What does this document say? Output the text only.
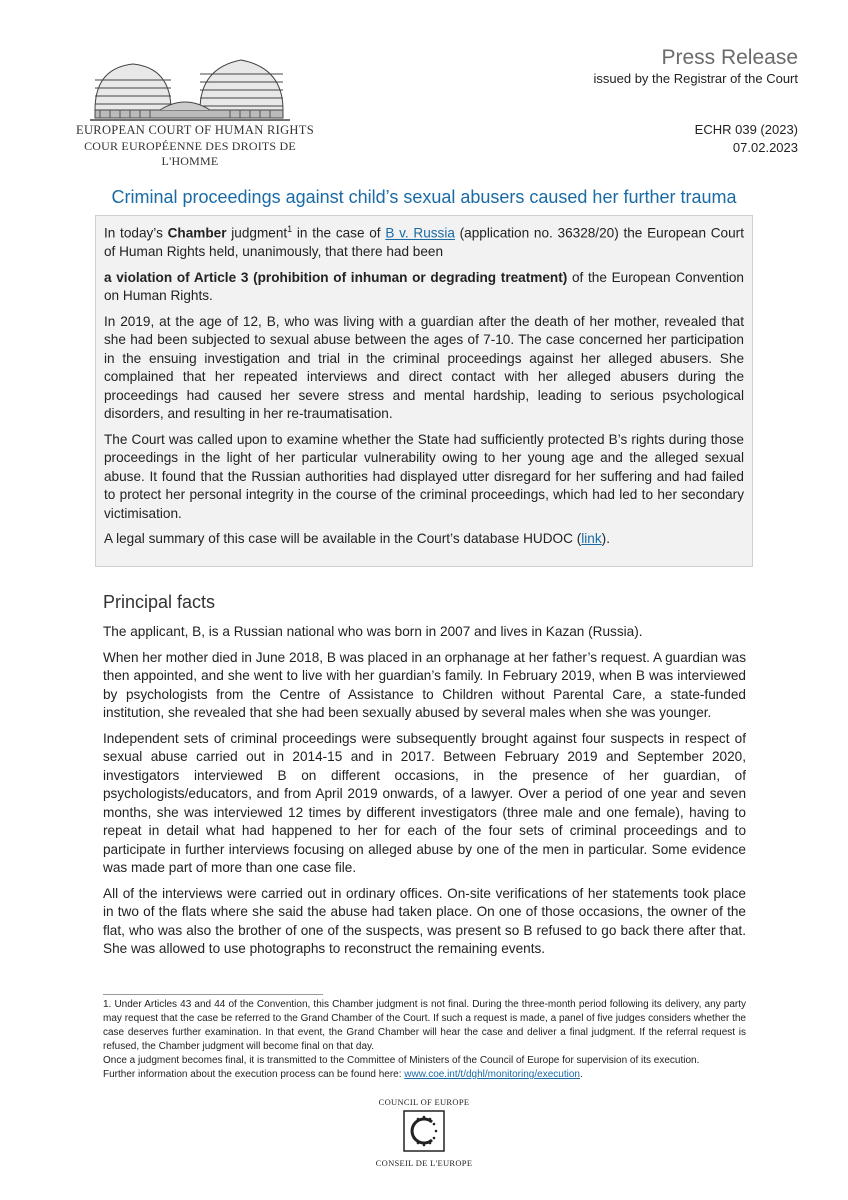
EUROPEAN COURT OF HUMAN RIGHTS
COUR EUROPÉENNE DES DROITS DE L'HOMME
Press Release
issued by the Registrar of the Court
ECHR 039 (2023)
07.02.2023
Criminal proceedings against child’s sexual abusers caused her further trauma

In today’s Chamber judgment$^1$ in the case of B v. Russia (application no. 36328/20) the European Court of Human Rights held, unanimously, that there had been

a violation of Article 3 (prohibition of inhuman or degrading treatment) of the European Convention on Human Rights.

In 2019, at the age of 12, B, who was living with a guardian after the death of her mother, revealed that she had been subjected to sexual abuse between the ages of 7-10. The case concerned her participation in the ensuing investigation and trial in the criminal proceedings against her alleged abusers. She complained that her repeated interviews and direct contact with her alleged abusers during the proceedings had caused her severe stress and mental hardship, leading to serious psychological disorders, and resulting in her re-traumatisation.

The Court was called upon to examine whether the State had sufficiently protected B’s rights during those proceedings in the light of her particular vulnerability owing to her young age and the alleged sexual abuse. It found that the Russian authorities had displayed utter disregard for her suffering and had failed to protect her personal integrity in the course of the criminal proceedings, which had led to her secondary victimisation.

A legal summary of this case will be available in the Court’s database HUDOC (link).

Principal facts

The applicant, B, is a Russian national who was born in 2007 and lives in Kazan (Russia).

When her mother died in June 2018, B was placed in an orphanage at her father’s request. A guardian was then appointed, and she went to live with her guardian’s family. In February 2019, when B was interviewed by psychologists from the Centre of Assistance to Children without Parental Care, a state-funded institution, she revealed that she had been sexually abused by several males when she was younger.

Independent sets of criminal proceedings were subsequently brought against four suspects in respect of sexual abuse carried out in 2014-15 and in 2017. Between February 2019 and September 2020, investigators interviewed B on different occasions, in the presence of her guardian, of psychologists/educators, and from April 2019 onwards, of a lawyer. Over a period of one year and seven months, she was interviewed 12 times by different investigators (three male and one female), having to repeat in detail what had happened to her for each of the four sets of criminal proceedings and to participate in further interviews focusing on alleged abuse by one of the men in particular. Some evidence was made part of more than one case file.

All of the interviews were carried out in ordinary offices. On-site verifications of her statements took place in two of the flats where she said the abuse had taken place. On one of those occasions, the owner of the flat, who was also the brother of one of the suspects, was present so B refused to go back there after that. She was allowed to use photographs to reconstruct the remaining events.

1. Under Articles 43 and 44 of the Convention, this Chamber judgment is not final. During the three-month period following its delivery, any party may request that the case be referred to the Grand Chamber of the Court. If such a request is made, a panel of five judges considers whether the case deserves further examination. In that event, the Grand Chamber will hear the case and deliver a final judgment. If the referral request is refused, the Chamber judgment will become final on that day.

Once a judgment becomes final, it is transmitted to the Committee of Ministers of the Council of Europe for supervision of its execution.

Further information about the execution process can be found here: www.coe.int/t/dghl/monitoring/execution.

COUNCIL OF EUROPE
CONSEIL DE L'EUROPE
